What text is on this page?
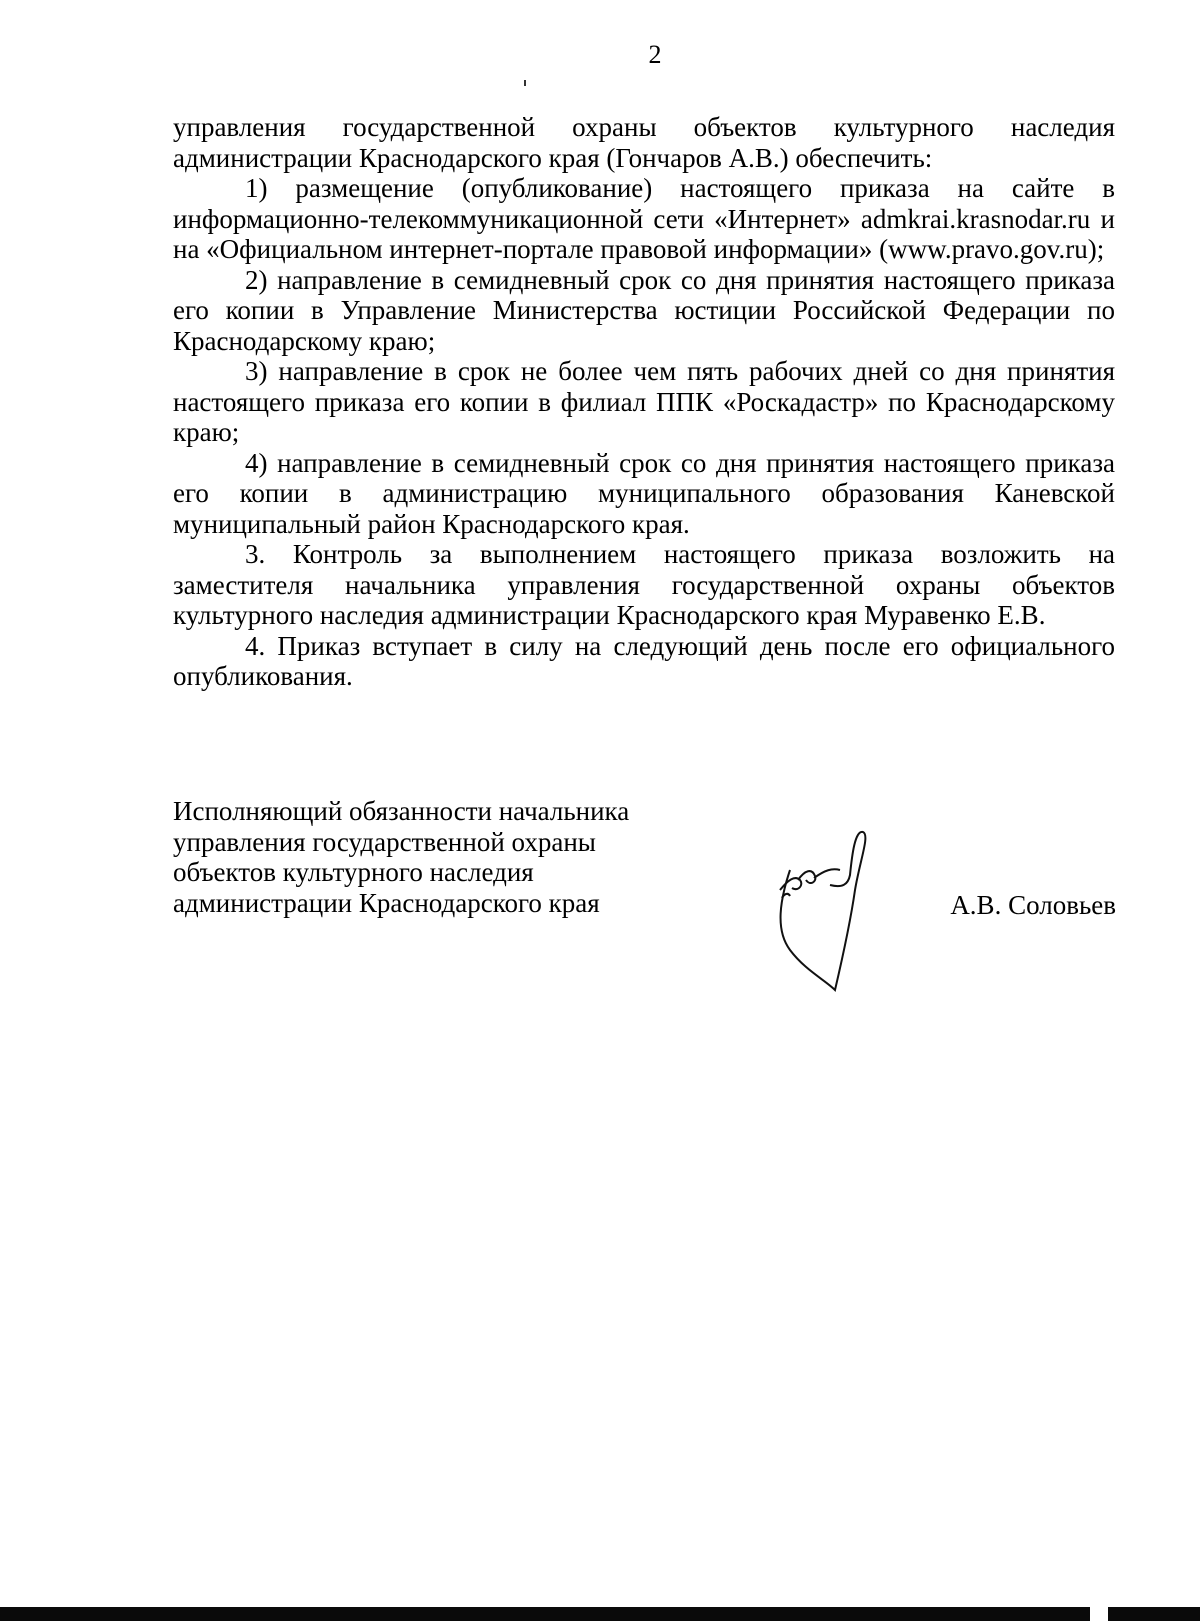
2

управления государственной охраны объектов культурного наследия администрации Краснодарского края (Гончаров А.В.) обеспечить:

1) размещение (опубликование) настоящего приказа на сайте в информационно-телекоммуникационной сети «Интернет» admkrai.krasnodar.ru и на «Официальном интернет-портале правовой информации» (www.pravo.gov.ru);

2) направление в семидневный срок со дня принятия настоящего приказа его копии в Управление Министерства юстиции Российской Федерации по Краснодарскому краю;

3) направление в срок не более чем пять рабочих дней со дня принятия настоящего приказа его копии в филиал ППК «Роскадастр» по Краснодарскому краю;

4) направление в семидневный срок со дня принятия настоящего приказа его копии в администрацию муниципального образования Каневской муниципальный район Краснодарского края.

3. Контроль за выполнением настоящего приказа возложить на заместителя начальника управления государственной охраны объектов культурного наследия администрации Краснодарского края Муравенко Е.В.

4. Приказ вступает в силу на следующий день после его официального опубликования.

Исполняющий обязанности начальника
управления государственной охраны
объектов культурного наследия
администрации Краснодарского края	А.В. Соловьев
